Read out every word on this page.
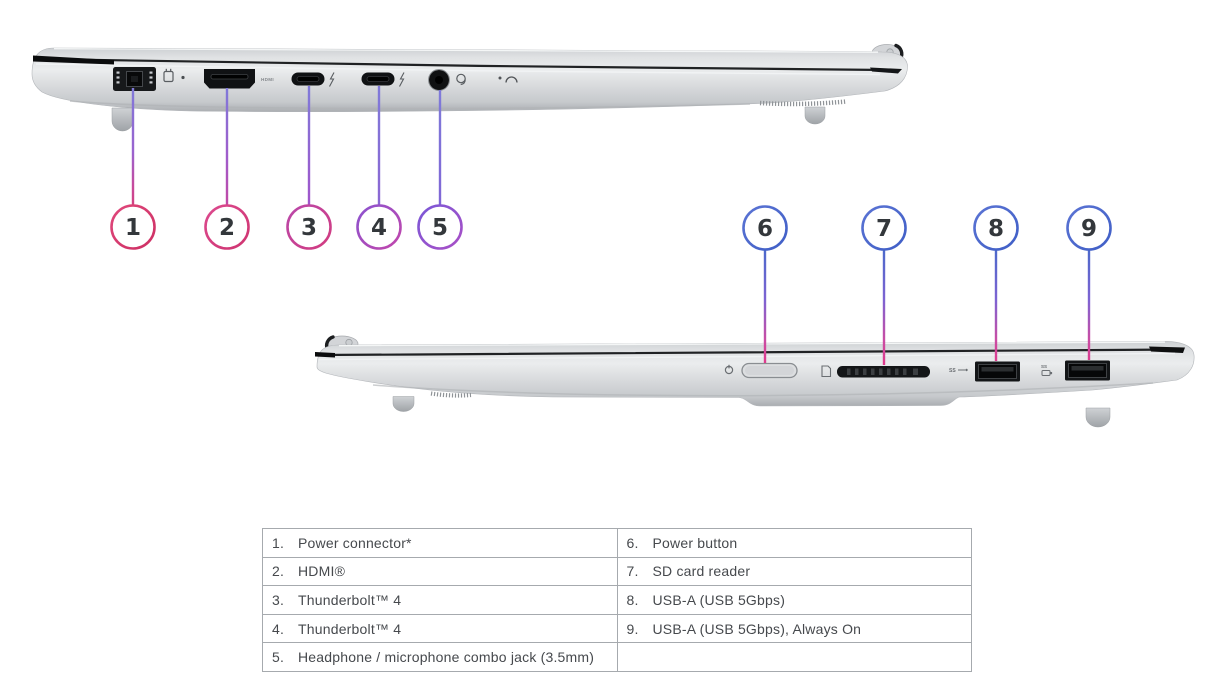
HDMI
SS
SS
1	2	3 4 5	6	7	8	9
1. Power connector*	6. Power button
2. HDMI®	7. SD card reader
3. Thunderbolt™ 4	8. USB-A (USB 5Gbps)
4. Thunderbolt™ 4	9. USB-A (USB 5Gbps), Always On
5. Headphone / microphone combo jack (3.5mm)	
